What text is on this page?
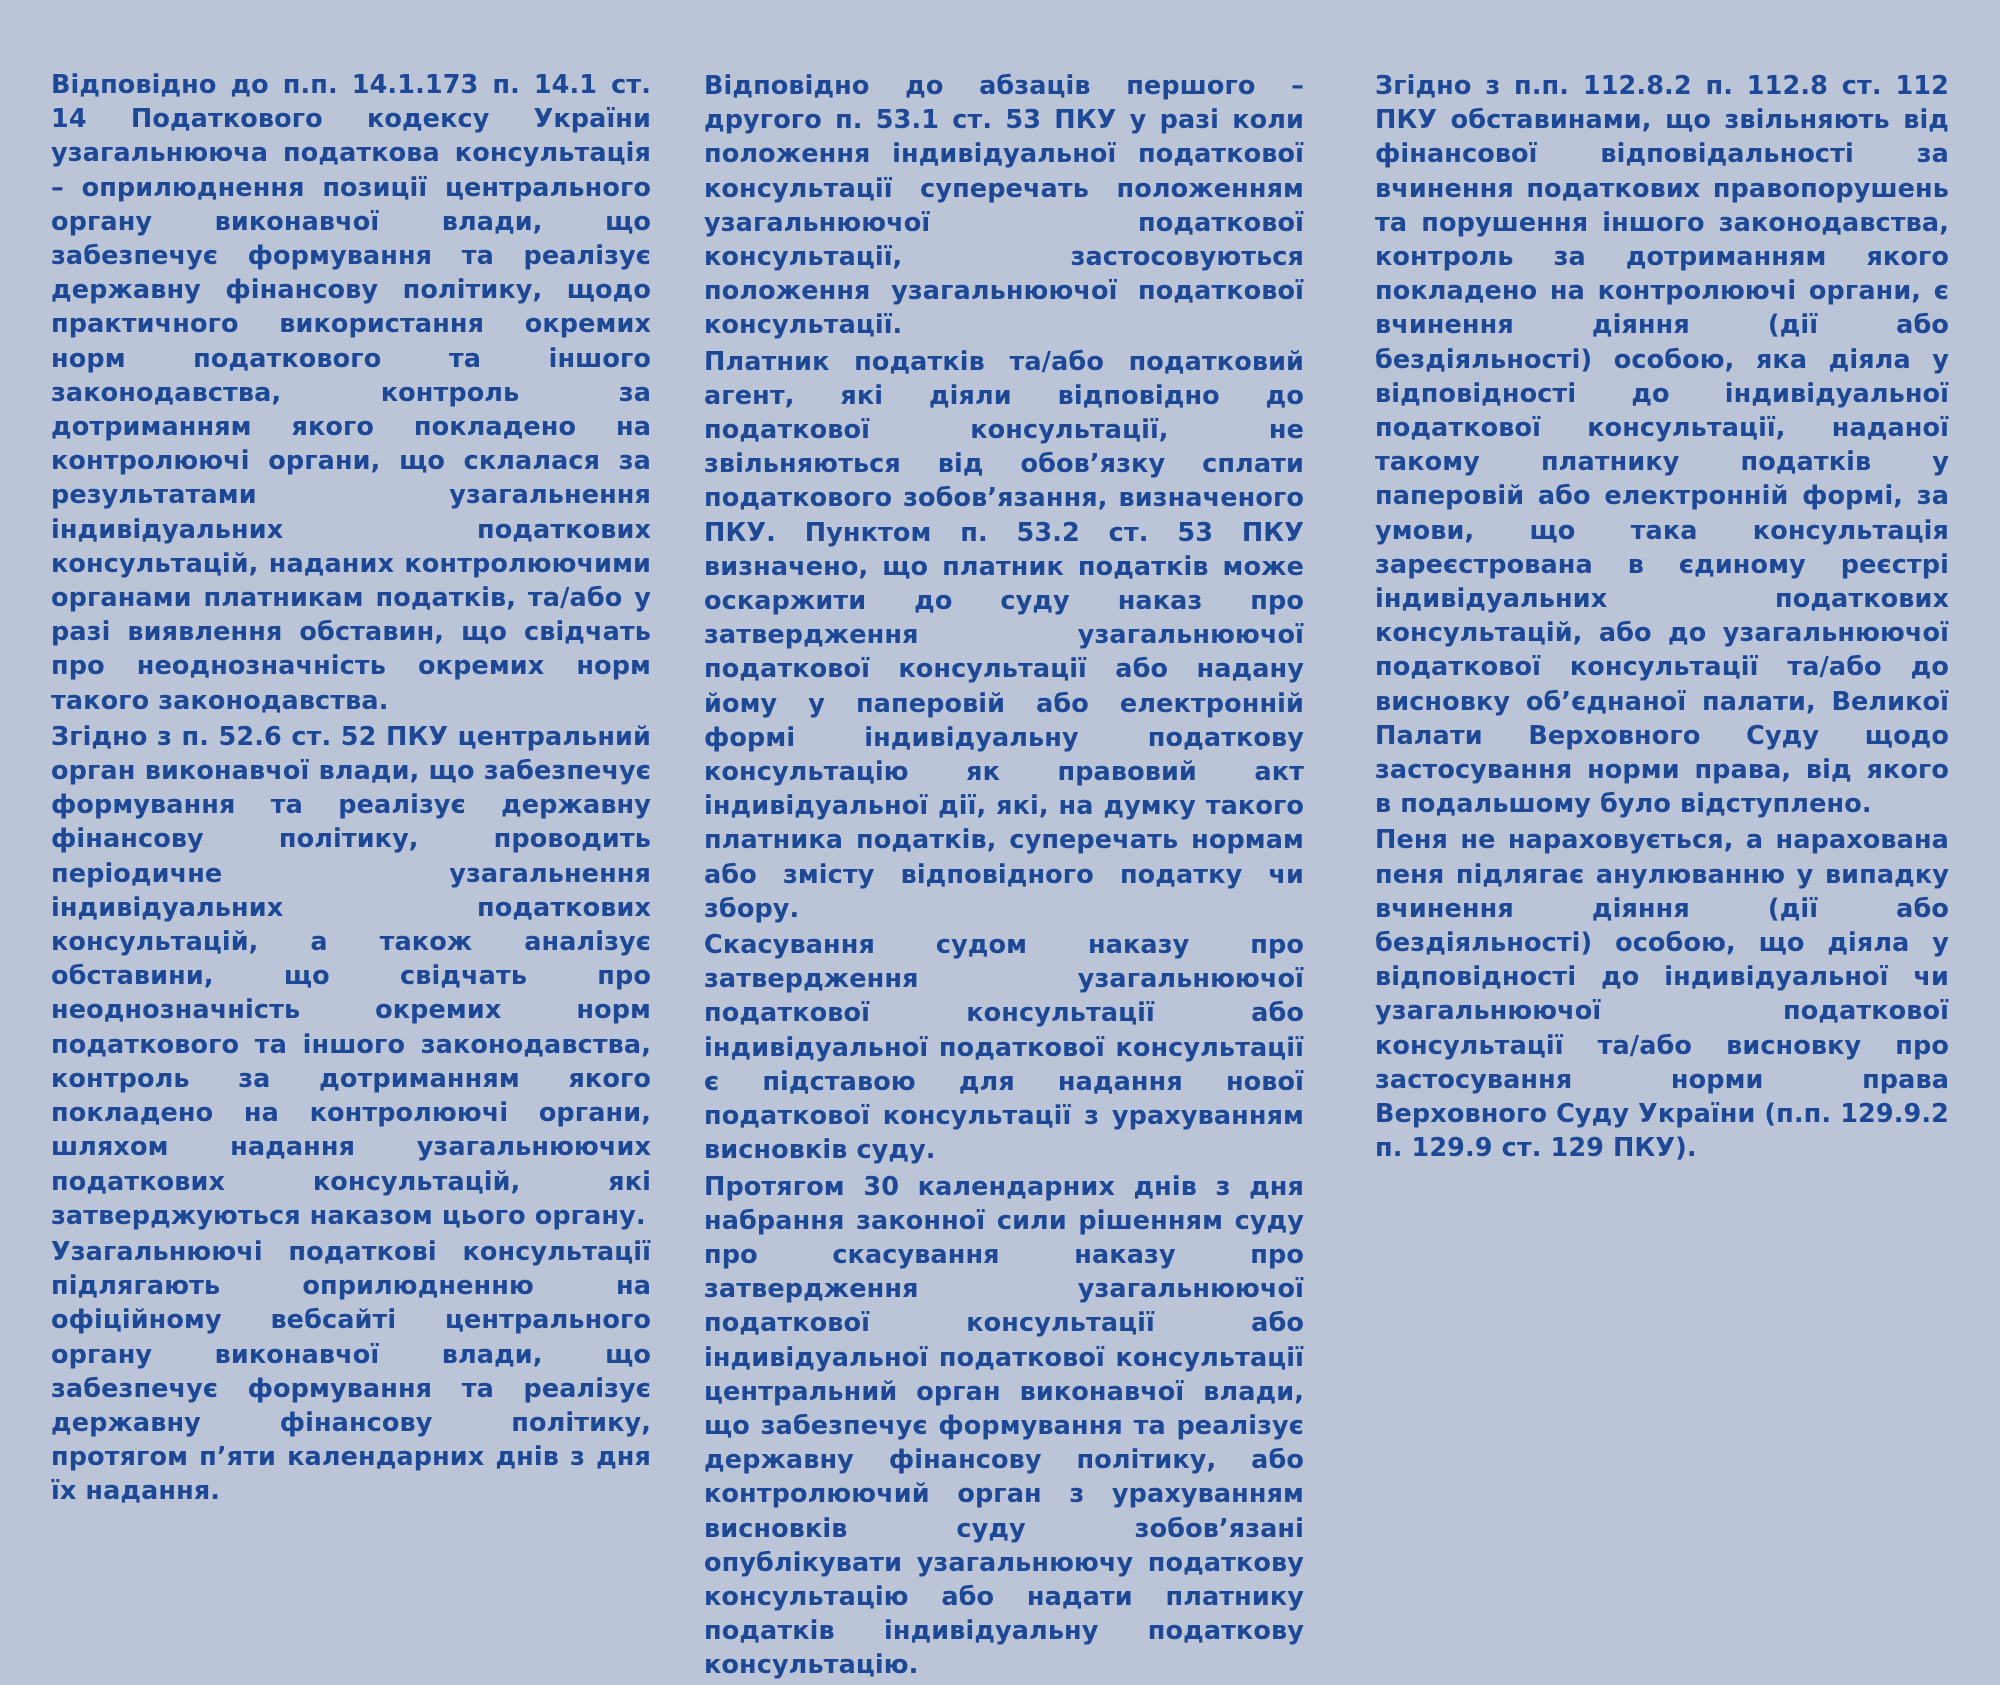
Відповідно до п.п. 14.1.173 п. 14.1 ст. 14 Податкового кодексу України узагальнююча податкова консультація – оприлюднення позиції центрального органу виконавчої влади, що забезпечує формування та реалізує державну фінансову політику, щодо практичного використання окремих норм податкового та іншого законодавства, контроль за дотриманням якого покладено на контролюючі органи, що склалася за результатами узагальнення індивідуальних податкових консультацій, наданих контролюючими органами платникам податків, та/або у разі виявлення обставин, що свідчать про неоднозначність окремих норм такого законодавства.

Згідно з п. 52.6 ст. 52 ПКУ центральний орган виконавчої влади, що забезпечує формування та реалізує державну фінансову політику, проводить періодичне узагальнення індивідуальних податкових консультацій, а також аналізує обставини, що свідчать про неоднозначність окремих норм податкового та іншого законодавства, контроль за дотриманням якого покладено на контролюючі органи, шляхом надання узагальнюючих податкових консультацій, які затверджуються наказом цього органу.

Узагальнюючі податкові консультації підлягають оприлюдненню на офіційному вебсайті центрального органу виконавчої влади, що забезпечує формування та реалізує державну фінансову політику, протягом п’яти календарних днів з дня їх надання.

Відповідно до абзаців першого – другого п. 53.1 ст. 53 ПКУ у разі коли положення індивідуальної податкової консультації суперечать положенням узагальнюючої податкової консультації, застосовуються положення узагальнюючої податкової консультації.

Платник податків та/або податковий агент, які діяли відповідно до податкової консультації, не звільняються від обов’язку сплати податкового зобов’язання, визначеного ПКУ. Пунктом п. 53.2 ст. 53 ПКУ визначено, що платник податків може оскаржити до суду наказ про затвердження узагальнюючої податкової консультації або надану йому у паперовій або електронній формі індивідуальну податкову консультацію як правовий акт індивідуальної дії, які, на думку такого платника податків, суперечать нормам або змісту відповідного податку чи збору.

Скасування судом наказу про затвердження узагальнюючої податкової консультації або індивідуальної податкової консультації є підставою для надання нової податкової консультації з урахуванням висновків суду.

Протягом 30 календарних днів з дня набрання законної сили рішенням суду про скасування наказу про затвердження узагальнюючої податкової консультації або індивідуальної податкової консультації центральний орган виконавчої влади, що забезпечує формування та реалізує державну фінансову політику, або контролюючий орган з урахуванням висновків суду зобов’язані опублікувати узагальнюючу податкову консультацію або надати платнику податків індивідуальну податкову консультацію.

Згідно з п.п. 112.8.2 п. 112.8 ст. 112 ПКУ обставинами, що звільняють від фінансової відповідальності за вчинення податкових правопорушень та порушення іншого законодавства, контроль за дотриманням якого покладено на контролюючі органи, є вчинення діяння (дії або бездіяльності) особою, яка діяла у відповідності до індивідуальної податкової консультації, наданої такому платнику податків у паперовій або електронній формі, за умови, що така консультація зареєстрована в єдиному реєстрі індивідуальних податкових консультацій, або до узагальнюючої податкової консультації та/або до висновку об’єднаної палати, Великої Палати Верховного Суду щодо застосування норми права, від якого в подальшому було відступлено.

Пеня не нараховується, а нарахована пеня підлягає анулюванню у випадку вчинення діяння (дії або бездіяльності) особою, що діяла у відповідності до індивідуальної чи узагальнюючої податкової консультації та/або висновку про застосування норми права Верховного Суду України (п.п. 129.9.2 п. 129.9 ст. 129 ПКУ).
